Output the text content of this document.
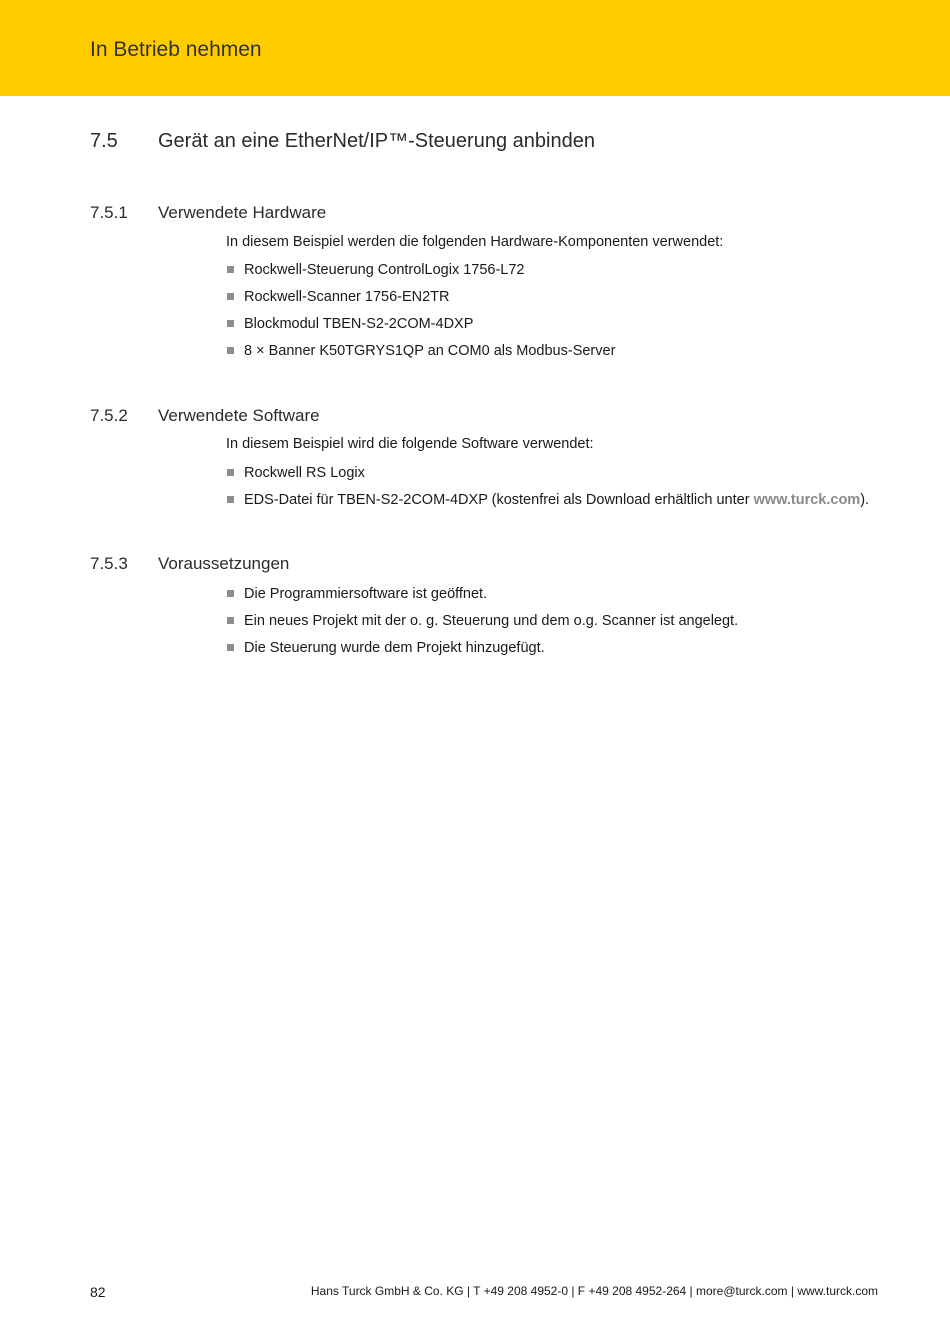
In Betrieb nehmen
7.5 Gerät an eine EtherNet/IP™-Steuerung anbinden
7.5.1 Verwendete Hardware
In diesem Beispiel werden die folgenden Hardware-Komponenten verwendet:
Rockwell-Steuerung ControlLogix 1756-L72
Rockwell-Scanner 1756-EN2TR
Blockmodul TBEN-S2-2COM-4DXP
8 × Banner K50TGRYS1QP an COM0 als Modbus-Server
7.5.2 Verwendete Software
In diesem Beispiel wird die folgende Software verwendet:
Rockwell RS Logix
EDS-Datei für TBEN-S2-2COM-4DXP (kostenfrei als Download erhältlich unter www.turck.com).
7.5.3 Voraussetzungen
Die Programmiersoftware ist geöffnet.
Ein neues Projekt mit der o. g. Steuerung und dem o.g. Scanner ist angelegt.
Die Steuerung wurde dem Projekt hinzugefügt.
82	Hans Turck GmbH & Co. KG | T +49 208 4952-0 | F +49 208 4952-264 | more@turck.com | www.turck.com
